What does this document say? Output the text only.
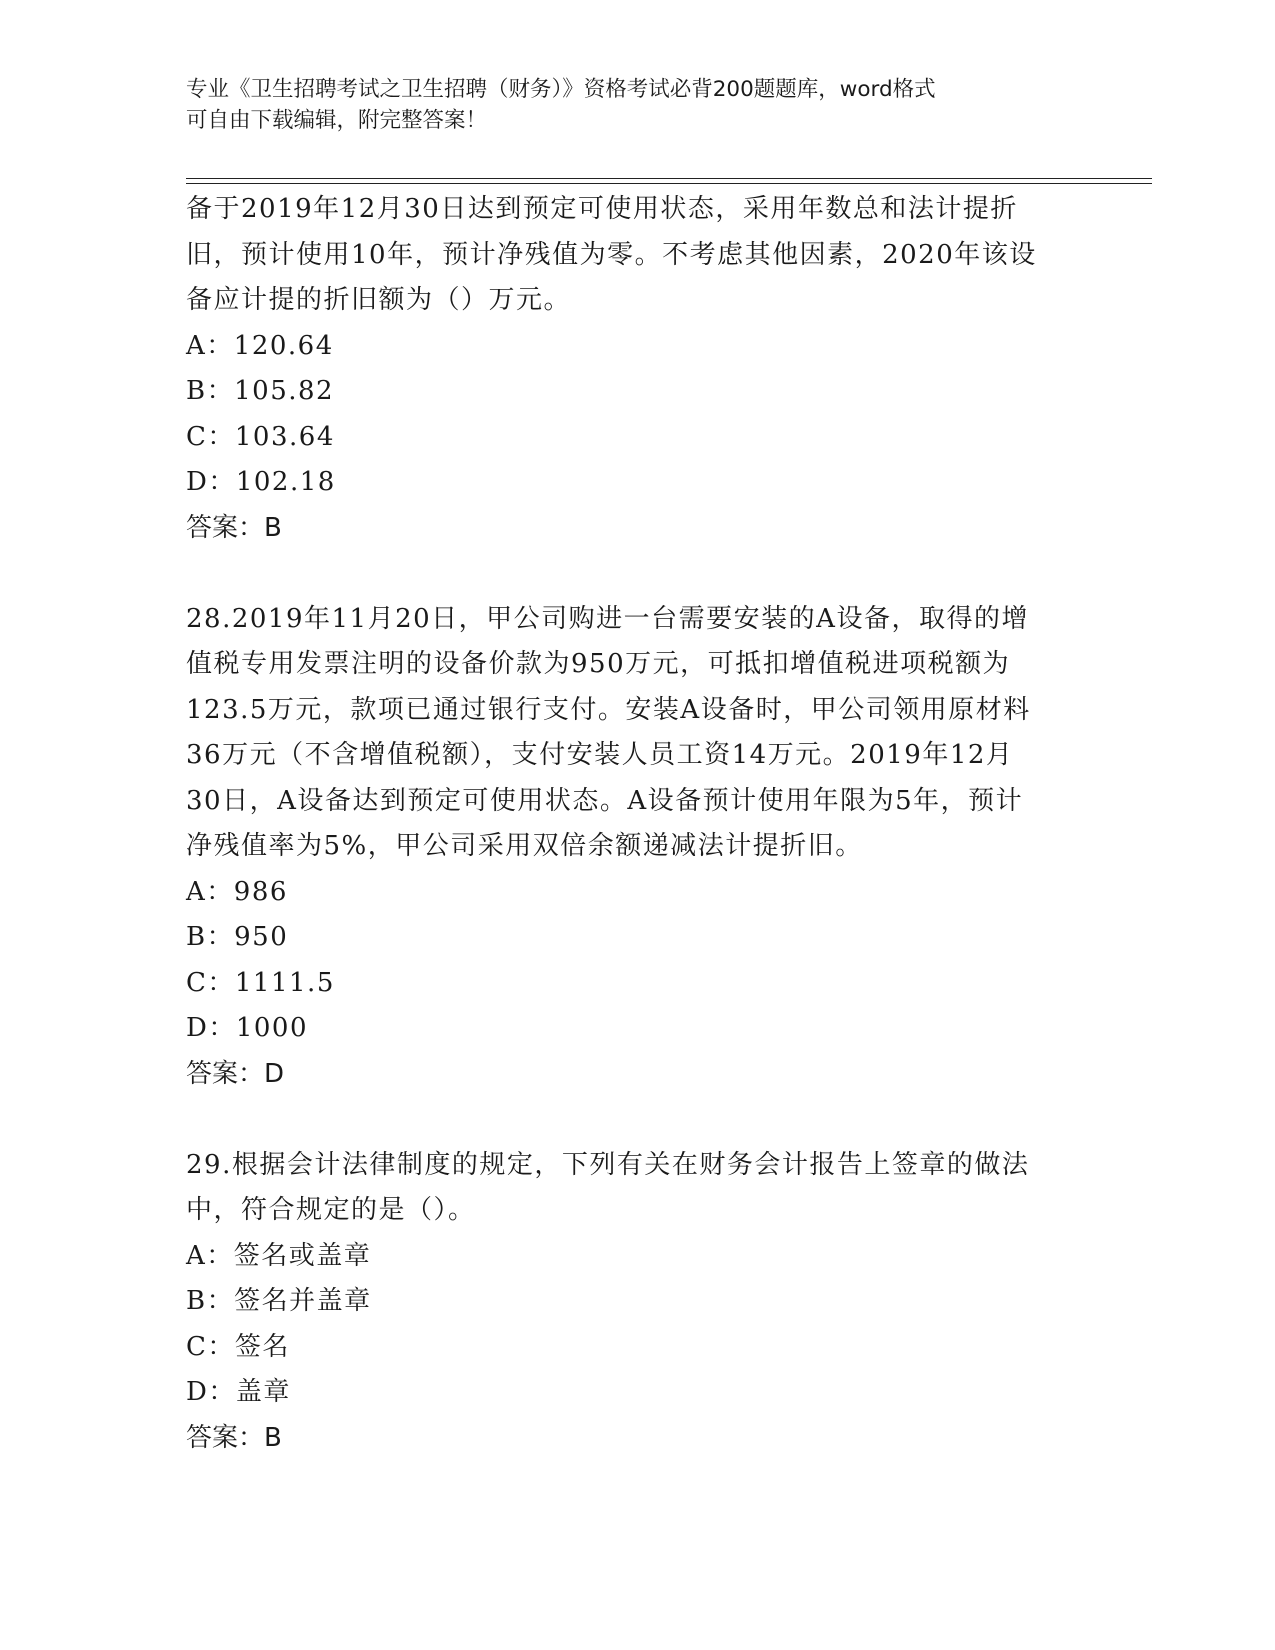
专业《卫生招聘考试之卫生招聘（财务）》资格考试必背200题题库，word格式
可自由下载编辑，附完整答案！
备于2019年12月30日达到预定可使用状态，采用年数总和法计提折
旧，预计使用10年，预计净残值为零。不考虑其他因素，2020年该设
备应计提的折旧额为（）万元。
A：120.64
B：105.82
C：103.64
D：102.18
答案：B
28.2019年11月20日，甲公司购进一台需要安装的A设备，取得的增
值税专用发票注明的设备价款为950万元，可抵扣增值税进项税额为
123.5万元，款项已通过银行支付。安装A设备时，甲公司领用原材料
36万元（不含增值税额），支付安装人员工资14万元。2019年12月
30日，A设备达到预定可使用状态。A设备预计使用年限为5年，预计
净残值率为5%，甲公司采用双倍余额递减法计提折旧。
A：986
B：950
C：1111.5
D：1000
答案：D
29.根据会计法律制度的规定，下列有关在财务会计报告上签章的做法
中，符合规定的是（）。
A：签名或盖章
B：签名并盖章
C：签名
D：盖章
答案：B
